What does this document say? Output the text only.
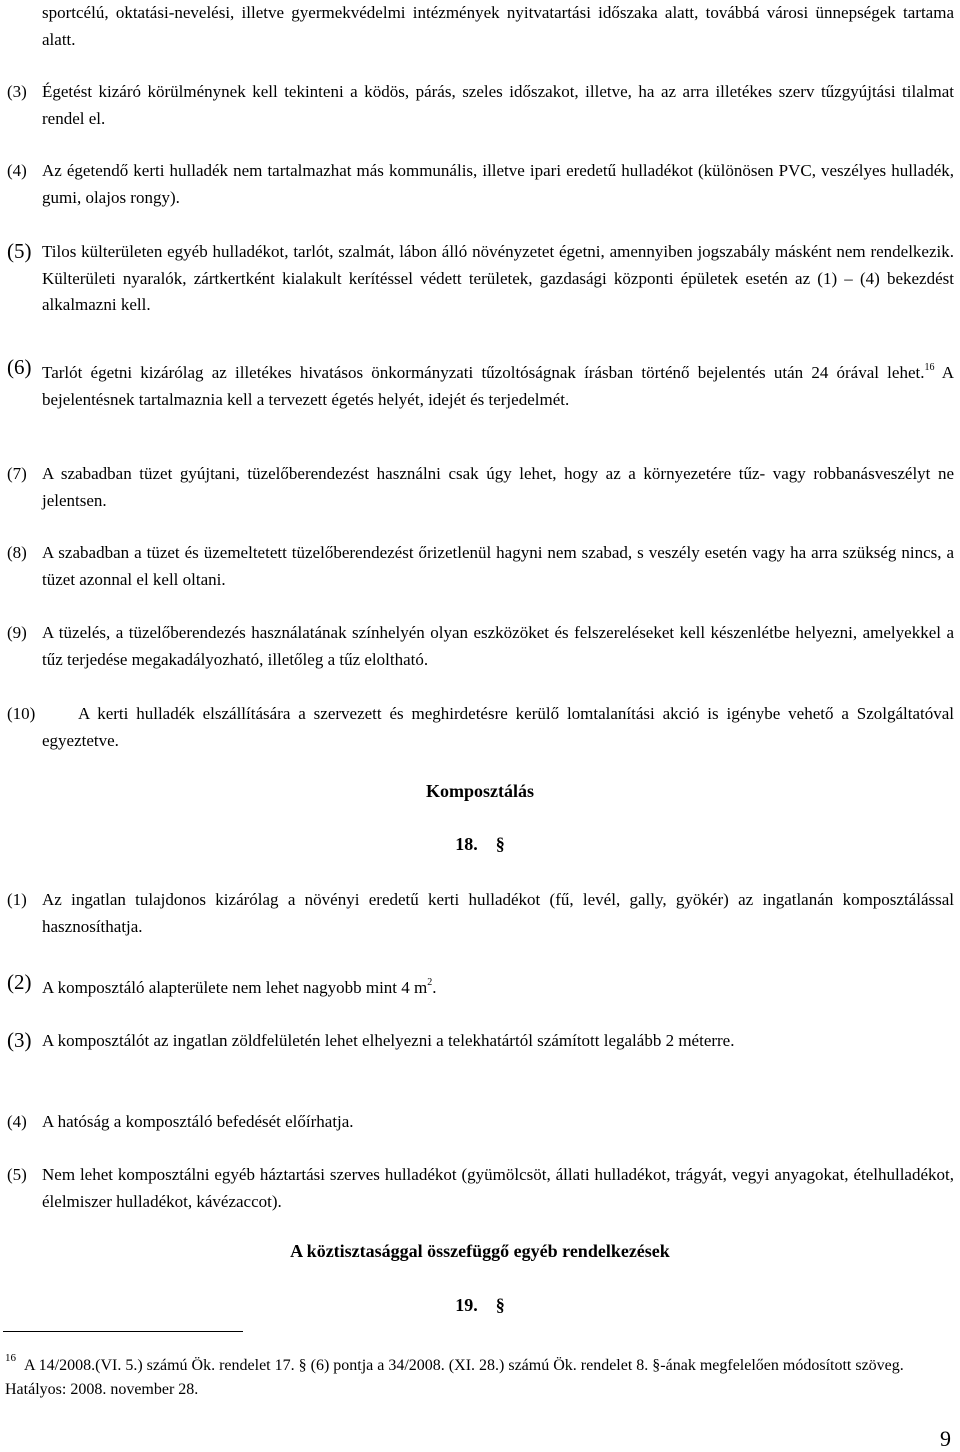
sportcélú, oktatási-nevelési, illetve gyermekvédelmi intézmények nyitvatartási időszaka alatt, továbbá városi ünnepségek tartama alatt.
(3) Égetést kizáró körülménynek kell tekinteni a ködös, párás, szeles időszakot, illetve, ha az arra illetékes szerv tűzgyújtási tilalmat rendel el.
(4) Az égetendő kerti hulladék nem tartalmazhat más kommunális, illetve ipari eredetű hulladékot (különösen PVC, veszélyes hulladék, gumi, olajos rongy).
(5) Tilos külterületen egyéb hulladékot, tarlót, szalmát, lábon álló növényzetet égetni, amennyiben jogszabály másként nem rendelkezik. Külterületi nyaralók, zártkertként kialakult kerítéssel védett területek, gazdasági központi épületek esetén az (1) – (4) bekezdést alkalmazni kell.
(6) Tarlót égetni kizárólag az illetékes hivatásos önkormányzati tűzoltóságnak írásban történő bejelentés után 24 órával lehet.$^{16}$ A bejelentésnek tartalmaznia kell a tervezett égetés helyét, idejét és terjedelmét.
(7) A szabadban tüzet gyújtani, tüzelőberendezést használni csak úgy lehet, hogy az a környezetére tűz- vagy robbanásveszélyt ne jelentsen.
(8) A szabadban a tüzet és üzemeltetett tüzelőberendezést őrizetlenül hagyni nem szabad, s veszély esetén vagy ha arra szükség nincs, a tüzet azonnal el kell oltani.
(9) A tüzelés, a tüzelőberendezés használatának színhelyén olyan eszközöket és felszereléseket kell készenlétbe helyezni, amelyekkel a tűz terjedése megakadályozható, illetőleg a tűz eloltható.
(10)	A kerti hulladék elszállítására a szervezett és meghirdetésre kerülő lomtalanítási akció is igénybe vehető a Szolgáltatóval egyeztetve.
Komposztálás
18. §
(1) Az ingatlan tulajdonos kizárólag a növényi eredetű kerti hulladékot (fű, levél, gally, gyökér) az ingatlanán komposztálással hasznosíthatja.
(2) A komposztáló alapterülete nem lehet nagyobb mint 4 m$^2$.
(3) A komposztálót az ingatlan zöldfelületén lehet elhelyezni a telekhatártól számított legalább 2 méterre.
(4) A hatóság a komposztáló befedését előírhatja.
(5) Nem lehet komposztálni egyéb háztartási szerves hulladékot (gyümölcsöt, állati hulladékot, trágyát, vegyi anyagokat, ételhulladékot, élelmiszer hulladékot, kávézaccot).
A köztisztasággal összefüggő egyéb rendelkezések
19. §
$^{16}$ A 14/2008.(VI. 5.) számú Ök. rendelet 17. § (6) pontja a 34/2008. (XI. 28.) számú Ök. rendelet 8. §-ának megfelelően módosított szöveg. Hatályos: 2008. november 28.
9
